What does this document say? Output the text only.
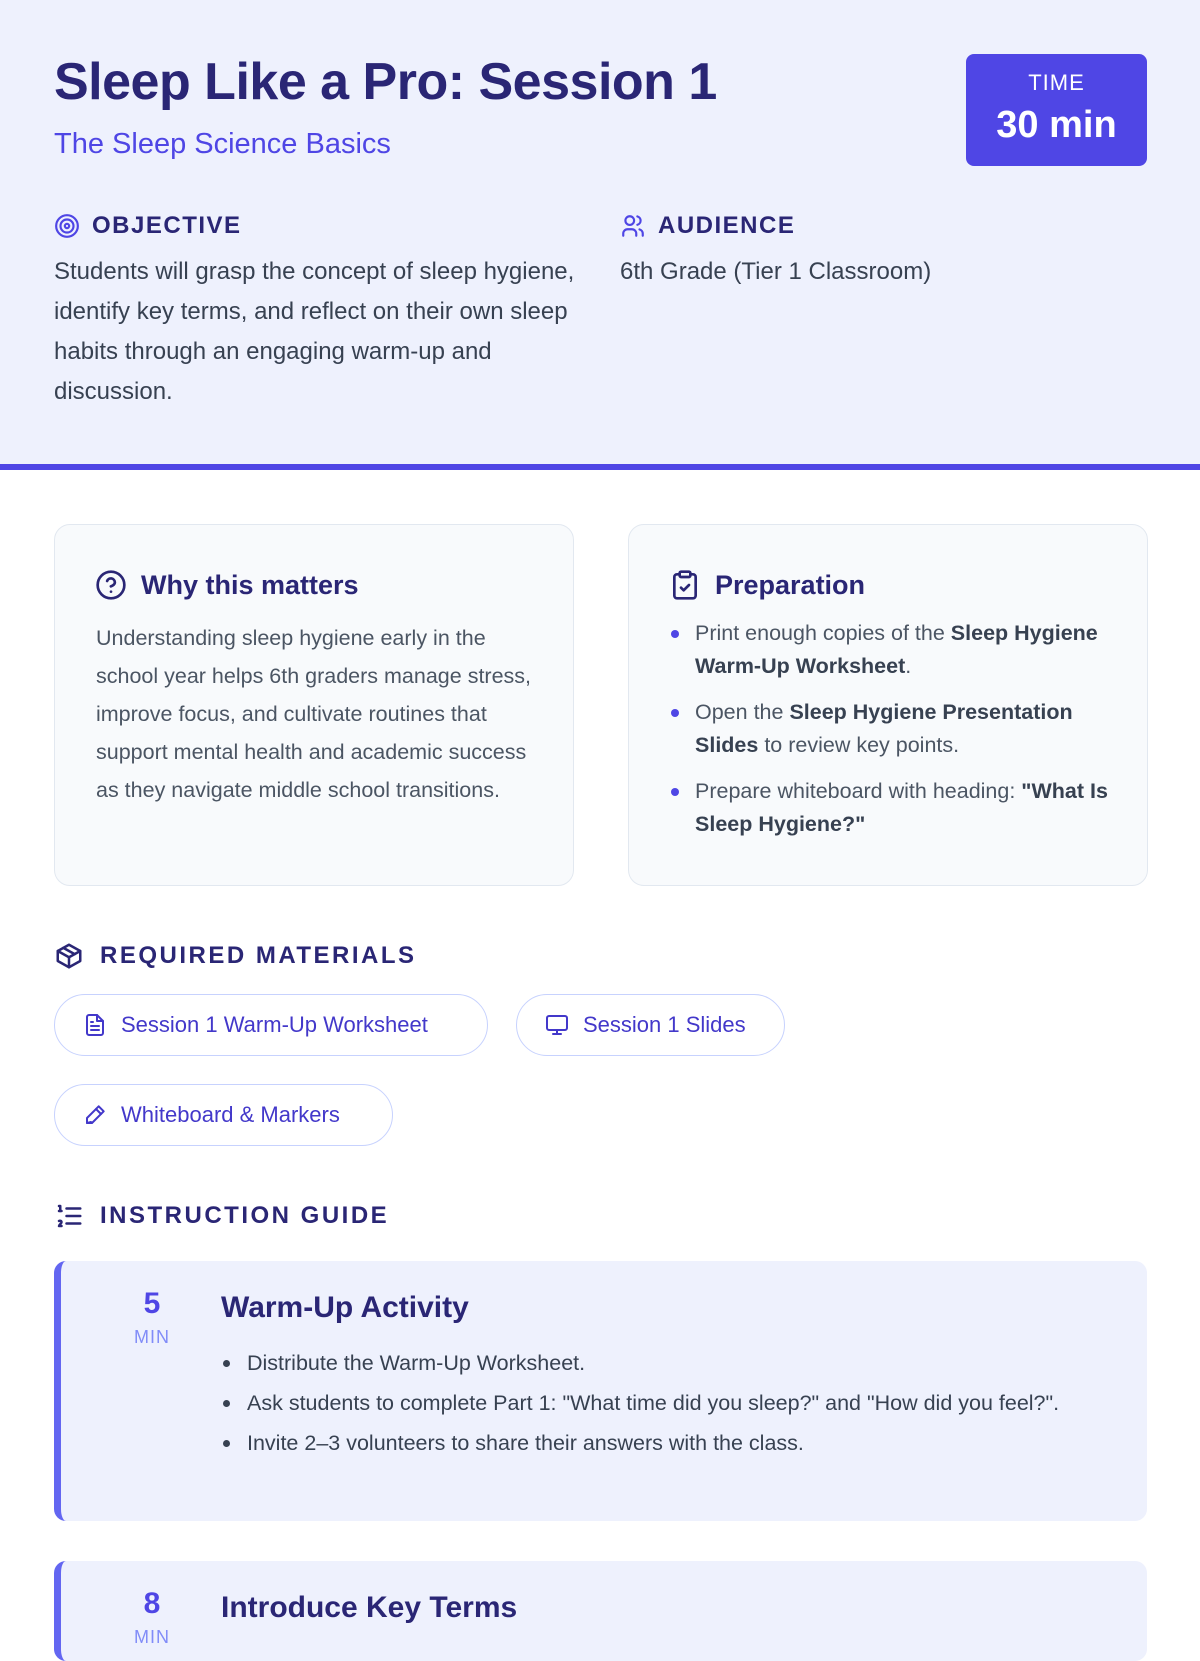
Sleep Like a Pro: Session 1
The Sleep Science Basics
TIME
30 min
OBJECTIVE

Students will grasp the concept of sleep hygiene, identify key terms, and reflect on their own sleep habits through an engaging warm-up and discussion.

AUDIENCE

6th Grade (Tier 1 Classroom)

Why this matters

Understanding sleep hygiene early in the school year helps 6th graders manage stress, improve focus, and cultivate routines that support mental health and academic success as they navigate middle school transitions.

Preparation
Print enough copies of the Sleep Hygiene Warm-Up Worksheet.
Open the Sleep Hygiene Presentation Slides to review key points.
Prepare whiteboard with heading: "What Is Sleep Hygiene?"
REQUIRED MATERIALS
Session 1 Warm-Up Worksheet	Session 1 Slides
Whiteboard & Markers
INSTRUCTION GUIDE
5
MIN
Warm-Up Activity
Distribute the Warm-Up Worksheet.
Ask students to complete Part 1: "What time did you sleep?" and "How did you feel?".
Invite 2–3 volunteers to share their answers with the class.
8
MIN
Introduce Key Terms
